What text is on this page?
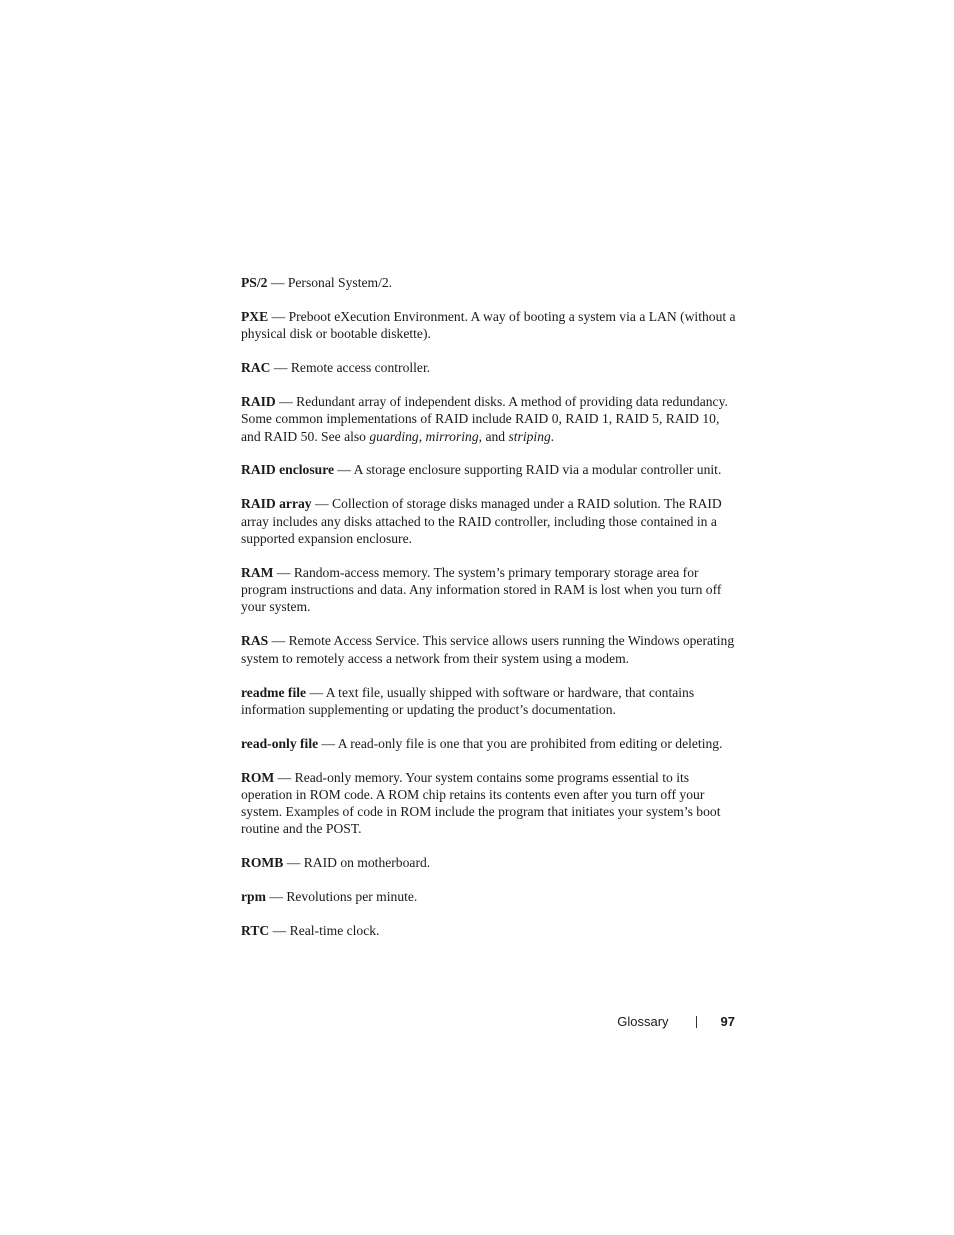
PS/2 — Personal System/2.

PXE — Preboot eXecution Environment. A way of booting a system via a LAN (without a physical disk or bootable diskette).

RAC — Remote access controller.

RAID — Redundant array of independent disks. A method of providing data redundancy. Some common implementations of RAID include RAID 0, RAID 1, RAID 5, RAID 10, and RAID 50. See also guarding, mirroring, and striping.

RAID enclosure — A storage enclosure supporting RAID via a modular controller unit.

RAID array — Collection of storage disks managed under a RAID solution. The RAID array includes any disks attached to the RAID controller, including those contained in a supported expansion enclosure.

RAM — Random-access memory. The system’s primary temporary storage area for program instructions and data. Any information stored in RAM is lost when you turn off your system.

RAS — Remote Access Service. This service allows users running the Windows operating system to remotely access a network from their system using a modem.

readme file — A text file, usually shipped with software or hardware, that contains information supplementing or updating the product’s documentation.

read-only file — A read-only file is one that you are prohibited from editing or deleting.

ROM — Read-only memory. Your system contains some programs essential to its operation in ROM code. A ROM chip retains its contents even after you turn off your system. Examples of code in ROM include the program that initiates your system’s boot routine and the POST.

ROMB — RAID on motherboard.

rpm — Revolutions per minute.

RTC — Real-time clock.

Glossary	97
